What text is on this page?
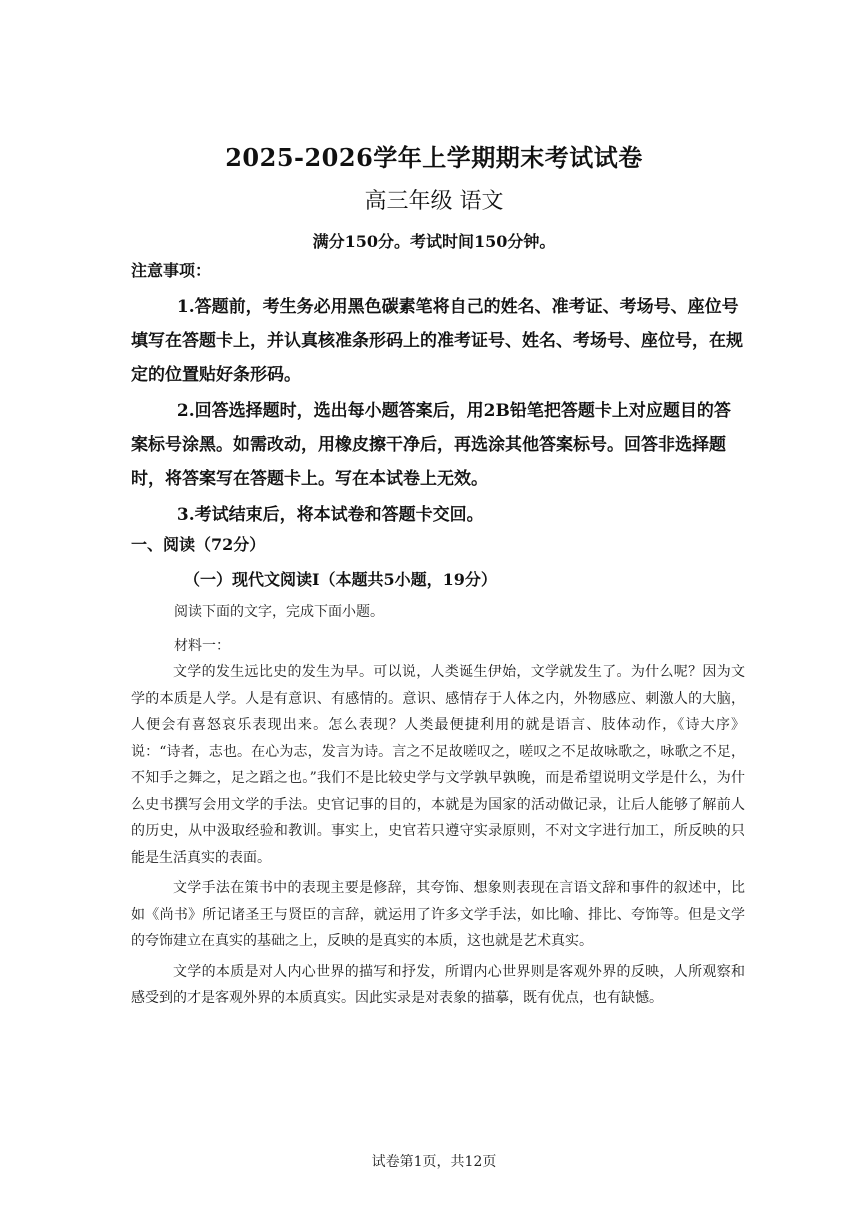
2025-2026学年上学期期末考试试卷
高三年级 语文
满分150分。考试时间150分钟。
注意事项：

1.答题前，考生务必用黑色碳素笔将自己的姓名、准考证、考场号、座位号填写在答题卡上，并认真核准条形码上的准考证号、姓名、考场号、座位号，在规定的位置贴好条形码。

2.回答选择题时，选出每小题答案后，用2B铅笔把答题卡上对应题目的答案标号涂黑。如需改动，用橡皮擦干净后，再选涂其他答案标号。回答非选择题时，将答案写在答题卡上。写在本试卷上无效。

3.考试结束后，将本试卷和答题卡交回。

一、阅读（72分）
（一）现代文阅读I（本题共5小题，19分）
阅读下面的文字，完成下面小题。
材料一：

文学的发生远比史的发生为早。可以说，人类诞生伊始，文学就发生了。为什么呢？因为文学的本质是人学。人是有意识、有感情的。意识、感情存于人体之内，外物感应、刺激人的大脑，人便会有喜怒哀乐表现出来。怎么表现？人类最便捷利用的就是语言、肢体动作，《诗大序》说：“诗者，志也。在心为志，发言为诗。言之不足故嗟叹之，嗟叹之不足故咏歌之，咏歌之不足，不知手之舞之，足之蹈之也。”我们不是比较史学与文学孰早孰晚，而是希望说明文学是什么，为什么史书撰写会用文学的手法。史官记事的目的，本就是为国家的活动做记录，让后人能够了解前人的历史，从中汲取经验和教训。事实上，史官若只遵守实录原则，不对文字进行加工，所反映的只能是生活真实的表面。

文学手法在策书中的表现主要是修辞，其夸饰、想象则表现在言语文辞和事件的叙述中，比如《尚书》所记诸圣王与贤臣的言辞，就运用了许多文学手法，如比喻、排比、夸饰等。但是文学的夸饰建立在真实的基础之上，反映的是真实的本质，这也就是艺术真实。

文学的本质是对人内心世界的描写和抒发，所谓内心世界则是客观外界的反映，人所观察和感受到的才是客观外界的本质真实。因此实录是对表象的描摹，既有优点，也有缺憾。

试卷第1页，共12页
